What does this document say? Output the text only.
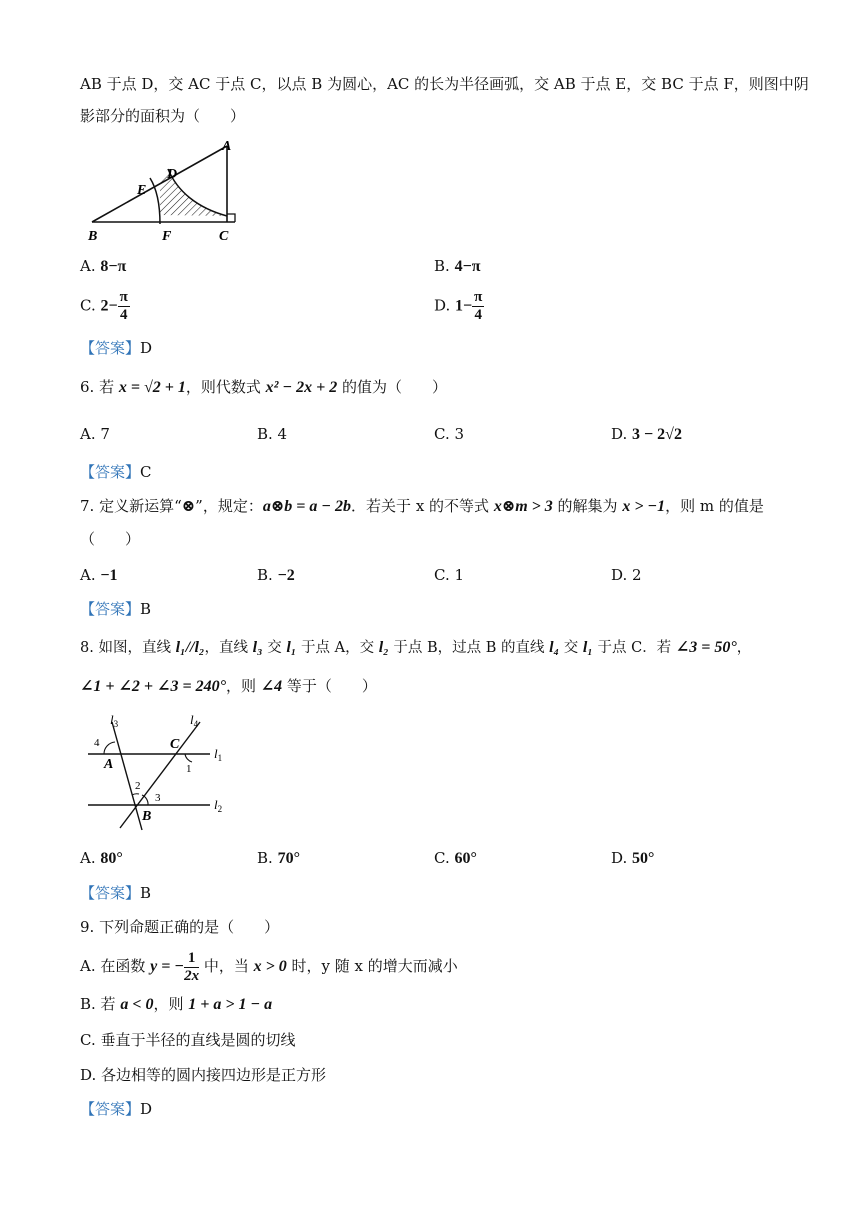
AB 于点 D，交 AC 于点 C，以点 B 为圆心，AC 的长为半径画弧，交 AB 于点 E，交 BC 于点 F，则图中阴
影部分的面积为（　　）
A
D
E
B	F	C
A. 8−π	B. 4−π
C. $2- \frac{\pi}{4}$	D. $1- \frac{\pi}{4}$
【答案】D
6. 若 x = √2 + 1，则代数式 x² − 2x + 2 的值为（　　）
A. 7	B. 4	C. 3	D. 3 − 2√2
【答案】C
7. 定义新运算“⊗”，规定：a⊗b = a − 2b．若关于 x 的不等式 x⊗m > 3 的解集为 x > −1，则 m 的值是
（　　）
A. −1	B. −2	C. 1	D. 2
【答案】B
8. 如图，直线 l₁//l₂，直线 l₃ 交 l₁ 于点 A，交 l₂ 于点 B，过点 B 的直线 l₄ 交 l₁ 于点 C．若 ∠3 = 50°，
∠1 + ∠2 + ∠3 = 240°，则 ∠4 等于（　　）
$l_3$	$l_4$
$l_1$
$l_2$
A
B
C
1
2
3
4
A. 80°	B. 70°	C. 60°	D. 50°
【答案】B
9. 下列命题正确的是（　　）
A. 在函数 y = − $\frac{1}{2x}$ 中，当 x > 0 时，y 随 x 的增大而减小
B. 若 a < 0，则 1 + a > 1 − a
C. 垂直于半径的直线是圆的切线
D. 各边相等的圆内接四边形是正方形
【答案】D
